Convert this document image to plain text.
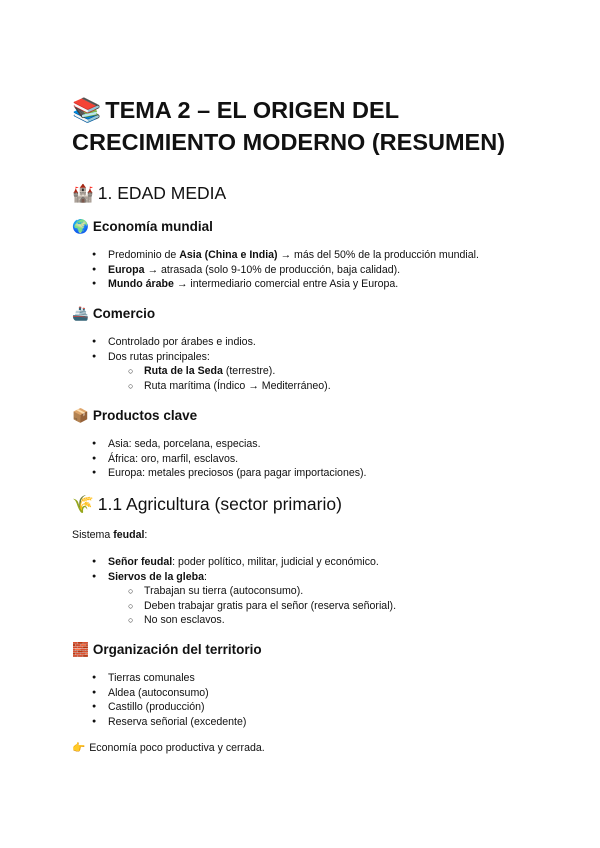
📚 TEMA 2 – EL ORIGEN DEL CRECIMIENTO MODERNO (RESUMEN)
🏰 1. EDAD MEDIA
🌍 Economía mundial
● Predominio de Asia (China e India) → más del 50% de la producción mundial.
● Europa → atrasada (solo 9-10% de producción, baja calidad).
● Mundo árabe → intermediario comercial entre Asia y Europa.
🚢 Comercio
● Controlado por árabes e indios.
● Dos rutas principales:
○ Ruta de la Seda (terrestre).
○ Ruta marítima (Índico → Mediterráneo).
📦 Productos clave
● Asia: seda, porcelana, especias.
● África: oro, marfil, esclavos.
● Europa: metales preciosos (para pagar importaciones).
🌾 1.1 Agricultura (sector primario)

Sistema feudal:

● Señor feudal: poder político, militar, judicial y económico.
● Siervos de la gleba:
○ Trabajan su tierra (autoconsumo).
○ Deben trabajar gratis para el señor (reserva señorial).
○ No son esclavos.
🧱 Organización del territorio
● Tierras comunales
● Aldea (autoconsumo)
● Castillo (producción)
● Reserva señorial (excedente)

👉 Economía poco productiva y cerrada.
